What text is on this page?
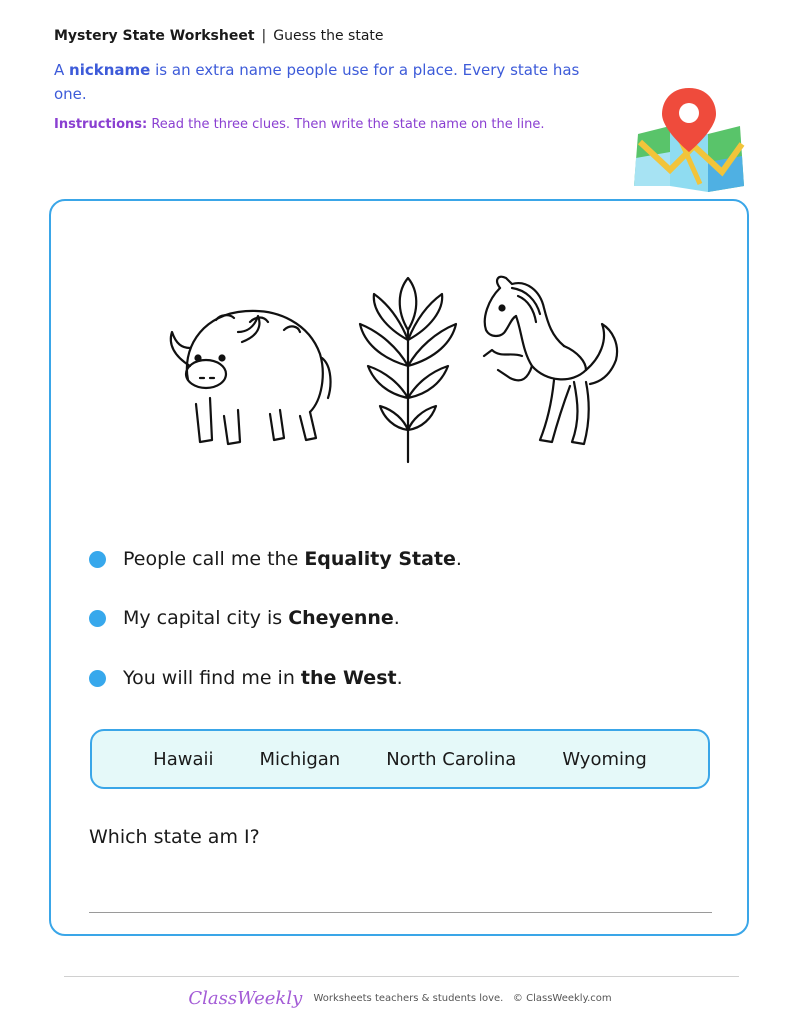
Mystery State Worksheet | Guess the state
A nickname is an extra name people use for a place. Every state has one.
Instructions: Read the three clues. Then write the state name on the line.
People call me the
Equality State .
My capital city is
Cheyenne .
You will find me in
the West .
Hawaii	Michigan	North Carolina	Wyoming
Which state am I?
ClassWeekly Worksheets teachers & students love. © ClassWeekly.com
